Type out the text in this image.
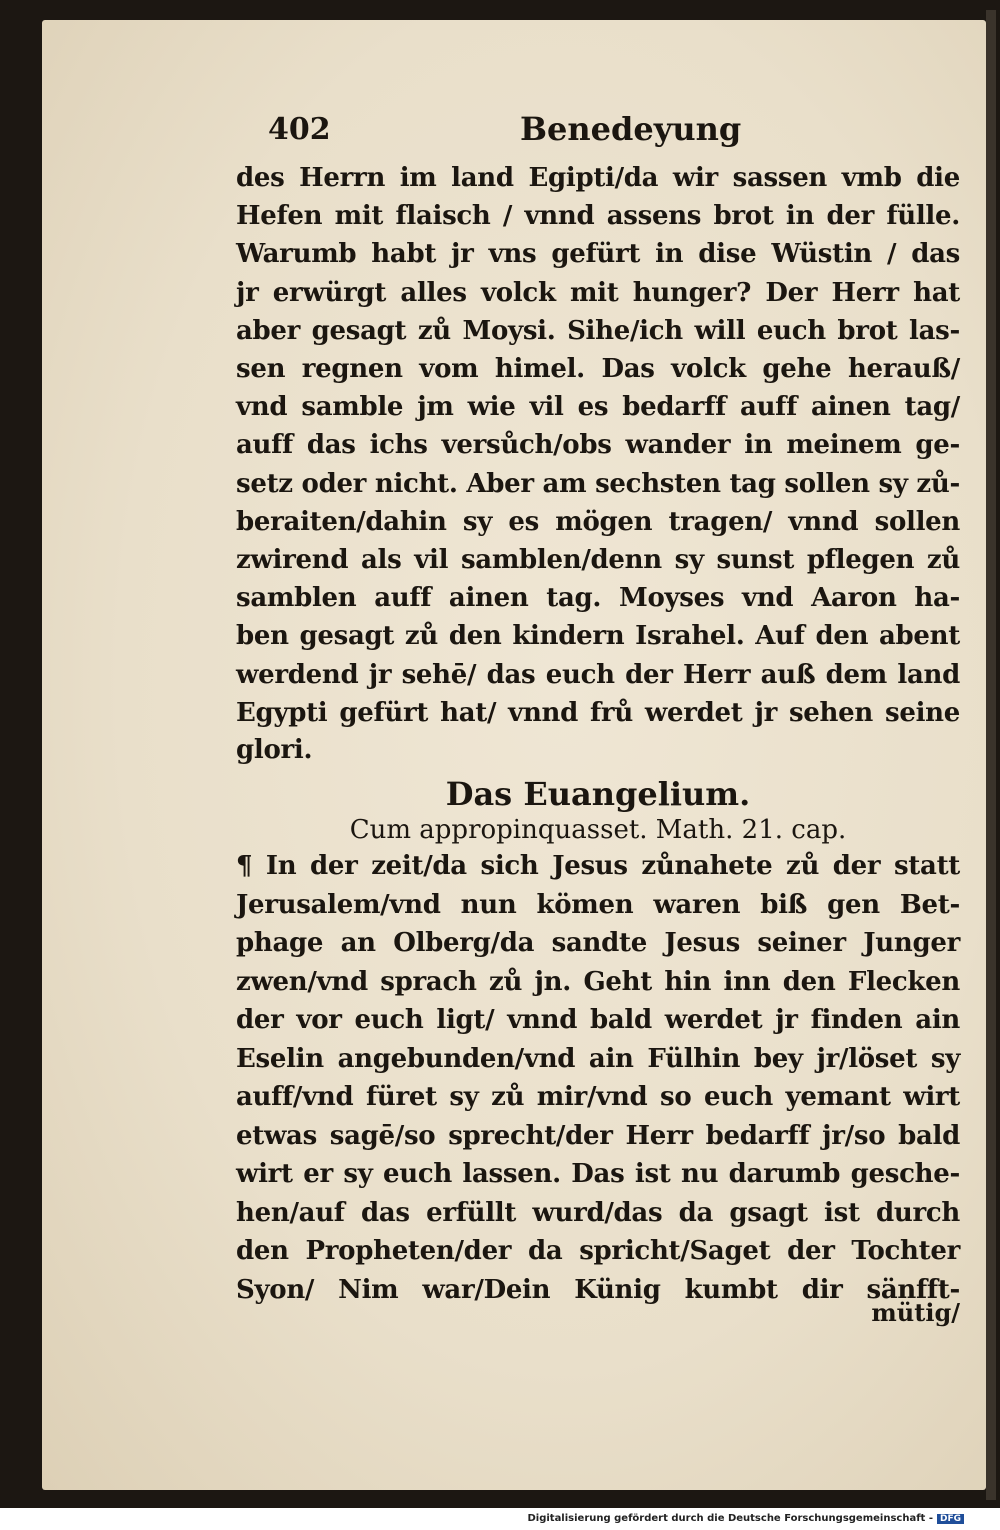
402	Benedeyung
des Herrn im land Egipti/da wir sassen vmb die
Hefen mit flaisch / vnnd assens brot in der fülle.
Warumb habt jr vns gefürt in dise Wüstin / das
jr erwürgt alles volck mit hunger? Der Herr hat
aber gesagt zů Moysi. Sihe/ich will euch brot las-
sen regnen vom himel. Das volck gehe herauß/
vnd samble jm wie vil es bedarff auff ainen tag/
auff das ichs versůch/obs wander in meinem ge-
setz oder nicht. Aber am sechsten tag sollen sy zů-
beraiten/dahin sy es mögen tragen/ vnnd sollen
zwirend als vil samblen/denn sy sunst pflegen zů
samblen auff ainen tag. Moyses vnd Aaron ha-
ben gesagt zů den kindern Israhel. Auf den abent
werdend jr sehē/ das euch der Herr auß dem land
Egypti gefürt hat/ vnnd frů werdet jr sehen seine
glori.
Das Euangelium.
Cum appropinquasset. Math. 21. cap.
¶ In der zeit/da sich Jesus zůnahete zů der statt
Jerusalem/vnd nun kömen waren biß gen Bet-
phage an Olberg/da sandte Jesus seiner Junger
zwen/vnd sprach zů jn. Geht hin inn den Flecken
der vor euch ligt/ vnnd bald werdet jr finden ain
Eselin angebunden/vnd ain Fülhin bey jr/löset sy
auff/vnd füret sy zů mir/vnd so euch yemant wirt
etwas sagē/so sprecht/der Herr bedarff jr/so bald
wirt er sy euch lassen. Das ist nu darumb gesche-
hen/auf das erfüllt wurd/das da gsagt ist durch
den Propheten/der da spricht/Saget der Tochter
Syon/ Nim war/Dein Künig kumbt dir sänfft-
mütig/
Digitalisierung gefördert durch die Deutsche Forschungsgemeinschaft - DFG
